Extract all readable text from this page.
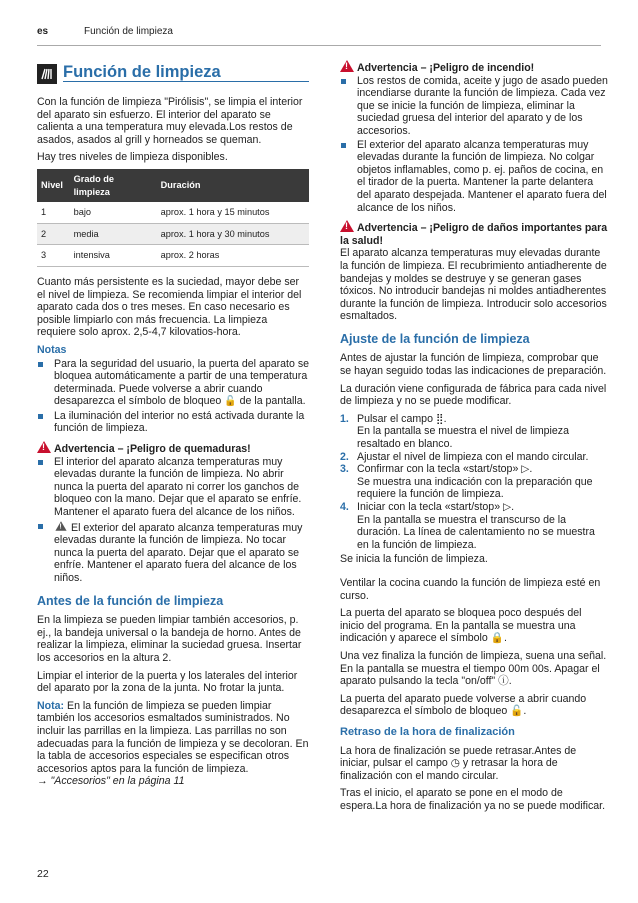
es	Función de limpieza
Función de limpieza

Con la función de limpieza "Pirólisis", se limpia el interior del aparato sin esfuerzo. El interior del aparato se calienta a una temperatura muy elevada.Los restos de asados, asados al grill y horneados se queman.

Hay tres niveles de limpieza disponibles.

Nivel	Grado de limpieza	Duración
1	bajo	aprox. 1 hora y 15 minutos
2	media	aprox. 1 hora y 30 minutos
3	intensiva	aprox. 2 horas

Cuanto más persistente es la suciedad, mayor debe ser el nivel de limpieza. Se recomienda limpiar el interior del aparato cada dos o tres meses. En caso necesario es posible limpiarlo con más frecuencia. La limpieza requiere solo aprox. 2,5-4,7 kilovatios-hora.

Notas
Para la seguridad del usuario, la puerta del aparato se bloquea automáticamente a partir de una temperatura determinada. Puede volverse a abrir cuando desaparezca el símbolo de bloqueo 🔓 de la pantalla.
La iluminación del interior no está activada durante la función de limpieza.
!Advertencia – ¡Peligro de quemaduras!
El interior del aparato alcanza temperaturas muy elevadas durante la función de limpieza. No abrir nunca la puerta del aparato ni correr los ganchos de bloqueo con la mano. Dejar que el aparato se enfríe. Mantener el aparato fuera del alcance de los niños.
!El exterior del aparato alcanza temperaturas muy elevadas durante la función de limpieza. No tocar nunca la puerta del aparato. Dejar que el aparato se enfríe. Mantener el aparato fuera del alcance de los niños.
Antes de la función de limpieza

En la limpieza se pueden limpiar también accesorios, p. ej., la bandeja universal o la bandeja de horno. Antes de realizar la limpieza, eliminar la suciedad gruesa. Insertar los accesorios en la altura 2.

Limpiar el interior de la puerta y los laterales del interior del aparato por la zona de la junta. No frotar la junta.

Nota: En la función de limpieza se pueden limpiar también los accesorios esmaltados suministrados. No incluir las parrillas en la limpieza. Las parrillas no son adecuadas para la función de limpieza y se decoloran. En la tabla de accesorios especiales se especifican otros accesorios aptos para la función de limpieza.
→ "Accesorios" en la página 11

!Advertencia – ¡Peligro de incendio!
Los restos de comida, aceite y jugo de asado pueden incendiarse durante la función de limpieza. Cada vez que se inicie la función de limpieza, eliminar la suciedad gruesa del interior del aparato y de los accesorios.
El exterior del aparato alcanza temperaturas muy elevadas durante la función de limpieza. No colgar objetos inflamables, como p. ej. paños de cocina, en el tirador de la puerta. Mantener la parte delantera del aparato despejada. Mantener el aparato fuera del alcance de los niños.
!Advertencia – ¡Peligro de daños importantes para la salud!

El aparato alcanza temperaturas muy elevadas durante la función de limpieza. El recubrimiento antiadherente de bandejas y moldes se destruye y se generan gases tóxicos. No introducir bandejas ni moldes antiadherentes durante la función de limpieza. Introducir solo accesorios esmaltados.

Ajuste de la función de limpieza

Antes de ajustar la función de limpieza, comprobar que se hayan seguido todas las indicaciones de preparación.

La duración viene configurada de fábrica para cada nivel de limpieza y no se puede modificar.

1. Pulsar el campo ⣿.
En la pantalla se muestra el nivel de limpieza resaltado en blanco.
2. Ajustar el nivel de limpieza con el mando circular.
3. Confirmar con la tecla «start/stop» ▷.
Se muestra una indicación con la preparación que requiere la función de limpieza.
4. Iniciar con la tecla «start/stop» ▷.
En la pantalla se muestra el transcurso de la duración. La línea de calentamiento no se muestra en la función de limpieza.

Se inicia la función de limpieza.

Ventilar la cocina cuando la función de limpieza esté en curso.

La puerta del aparato se bloquea poco después del inicio del programa. En la pantalla se muestra una indicación y aparece el símbolo 🔒.

Una vez finaliza la función de limpieza, suena una señal. En la pantalla se muestra el tiempo 00m 00s. Apagar el aparato pulsando la tecla "on/off" ⓘ.

La puerta del aparato puede volverse a abrir cuando desaparezca el símbolo de bloqueo 🔓.

Retraso de la hora de finalización

La hora de finalización se puede retrasar.Antes de iniciar, pulsar el campo ◷ y retrasar la hora de finalización con el mando circular.

Tras el inicio, el aparato se pone en el modo de espera.La hora de finalización ya no se puede modificar.

22
